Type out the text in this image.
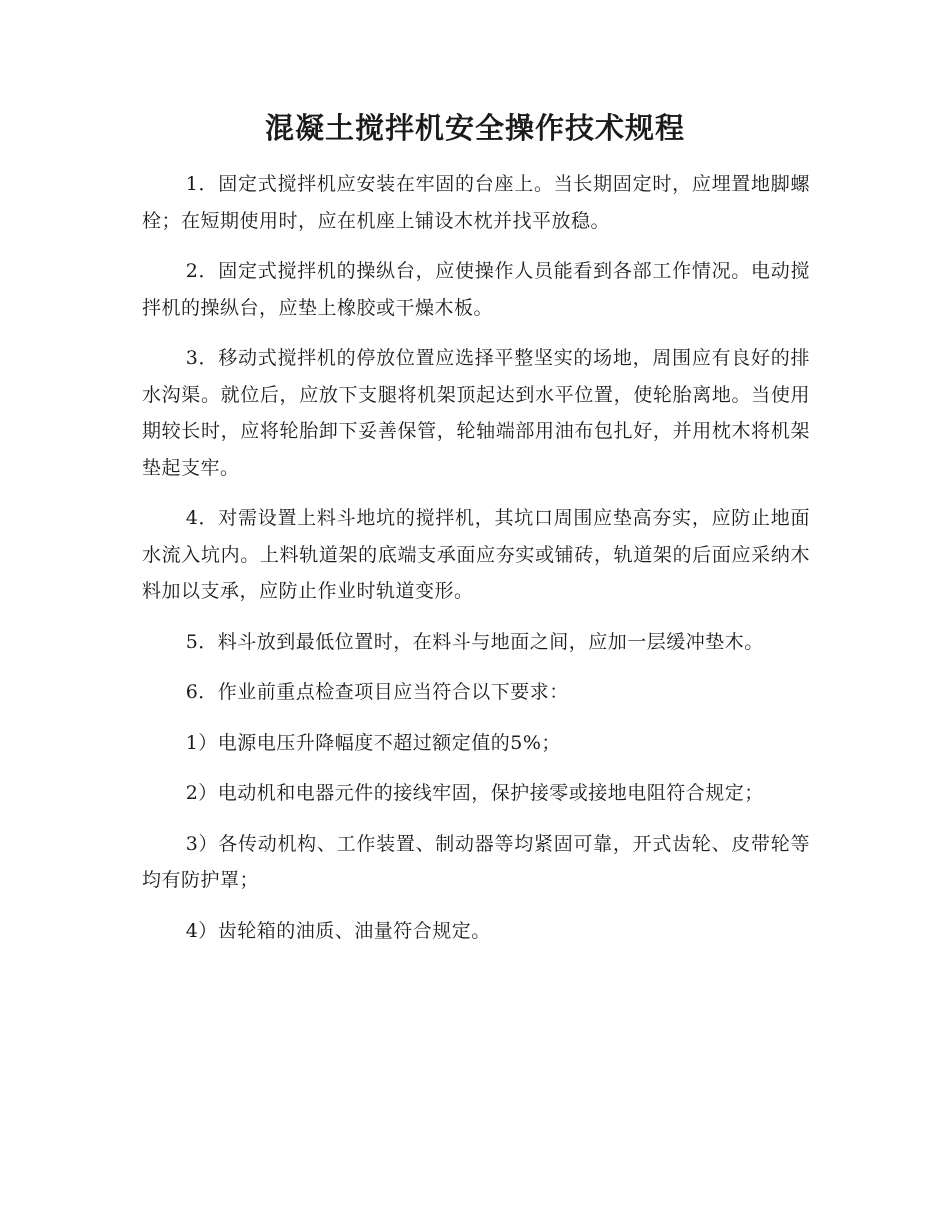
混凝土搅拌机安全操作技术规程

1．固定式搅拌机应安装在牢固的台座上。当长期固定时，应埋置地脚螺栓；在短期使用时，应在机座上铺设木枕并找平放稳。

2．固定式搅拌机的操纵台，应使操作人员能看到各部工作情况。电动搅拌机的操纵台，应垫上橡胶或干燥木板。

3．移动式搅拌机的停放位置应选择平整坚实的场地，周围应有良好的排水沟渠。就位后，应放下支腿将机架顶起达到水平位置，使轮胎离地。当使用期较长时，应将轮胎卸下妥善保管，轮轴端部用油布包扎好，并用枕木将机架垫起支牢。

4．对需设置上料斗地坑的搅拌机，其坑口周围应垫高夯实，应防止地面水流入坑内。上料轨道架的底端支承面应夯实或铺砖，轨道架的后面应采纳木料加以支承，应防止作业时轨道变形。

5．料斗放到最低位置时，在料斗与地面之间，应加一层缓冲垫木。

6．作业前重点检查项目应当符合以下要求：

1）电源电压升降幅度不超过额定值的5%；

2）电动机和电器元件的接线牢固，保护接零或接地电阻符合规定；

3）各传动机构、工作装置、制动器等均紧固可靠，开式齿轮、皮带轮等均有防护罩；

4）齿轮箱的油质、油量符合规定。
